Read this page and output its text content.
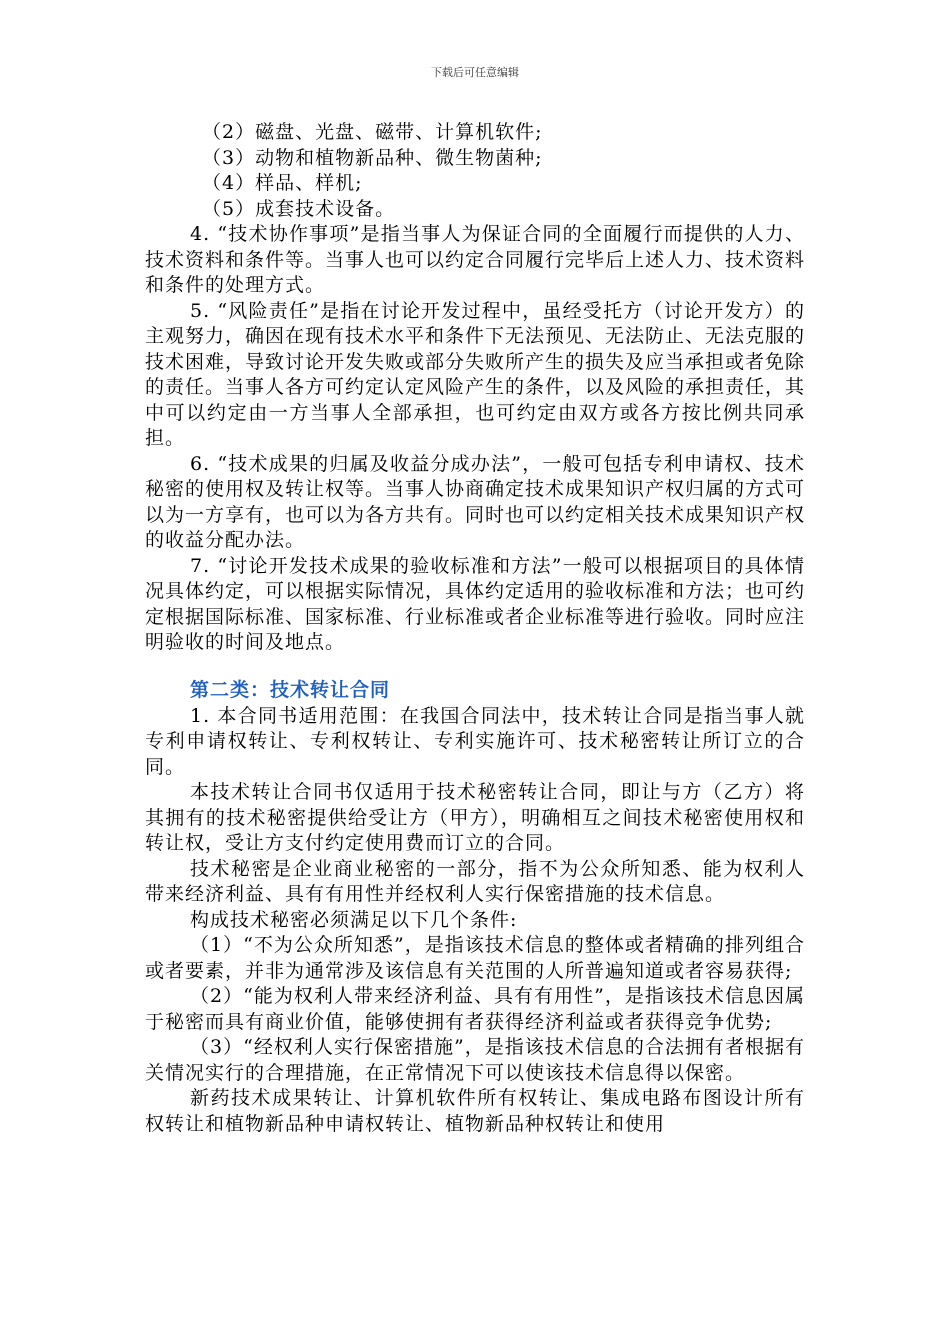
下载后可任意编辑

（2）磁盘、光盘、磁带、计算机软件;

（3）动物和植物新品种、微生物菌种;

（4）样品、样机;

（5）成套技术设备。

4. “技术协作事项”是指当事人为保证合同的全面履行而提供的人力、技术资料和条件等。当事人也可以约定合同履行完毕后上述人力、技术资料和条件的处理方式。

5. “风险责任”是指在讨论开发过程中，虽经受托方（讨论开发方）的主观努力，确因在现有技术水平和条件下无法预见、无法防止、无法克服的技术困难，导致讨论开发失败或部分失败所产生的损失及应当承担或者免除的责任。当事人各方可约定认定风险产生的条件，以及风险的承担责任，其中可以约定由一方当事人全部承担，也可约定由双方或各方按比例共同承担。

6. “技术成果的归属及收益分成办法”，一般可包括专利申请权、技术秘密的使用权及转让权等。当事人协商确定技术成果知识产权归属的方式可以为一方享有，也可以为各方共有。同时也可以约定相关技术成果知识产权的收益分配办法。

7. “讨论开发技术成果的验收标准和方法”一般可以根据项目的具体情况具体约定，可以根据实际情况，具体约定适用的验收标准和方法；也可约定根据国际标准、国家标准、行业标准或者企业标准等进行验收。同时应注明验收的时间及地点。

第二类：技术转让合同

1. 本合同书适用范围：在我国合同法中，技术转让合同是指当事人就专利申请权转让、专利权转让、专利实施许可、技术秘密转让所订立的合同。

本技术转让合同书仅适用于技术秘密转让合同，即让与方（乙方）将其拥有的技术秘密提供给受让方（甲方），明确相互之间技术秘密使用权和转让权，受让方支付约定使用费而订立的合同。

技术秘密是企业商业秘密的一部分，指不为公众所知悉、能为权利人带来经济利益、具有有用性并经权利人实行保密措施的技术信息。

构成技术秘密必须满足以下几个条件:

（1）“不为公众所知悉”，是指该技术信息的整体或者精确的排列组合或者要素，并非为通常涉及该信息有关范围的人所普遍知道或者容易获得;

（2）“能为权利人带来经济利益、具有有用性”，是指该技术信息因属于秘密而具有商业价值，能够使拥有者获得经济利益或者获得竞争优势;

（3）“经权利人实行保密措施”，是指该技术信息的合法拥有者根据有关情况实行的合理措施，在正常情况下可以使该技术信息得以保密。

新药技术成果转让、计算机软件所有权转让、集成电路布图设计所有权转让和植物新品种申请权转让、植物新品种权转让和使用
